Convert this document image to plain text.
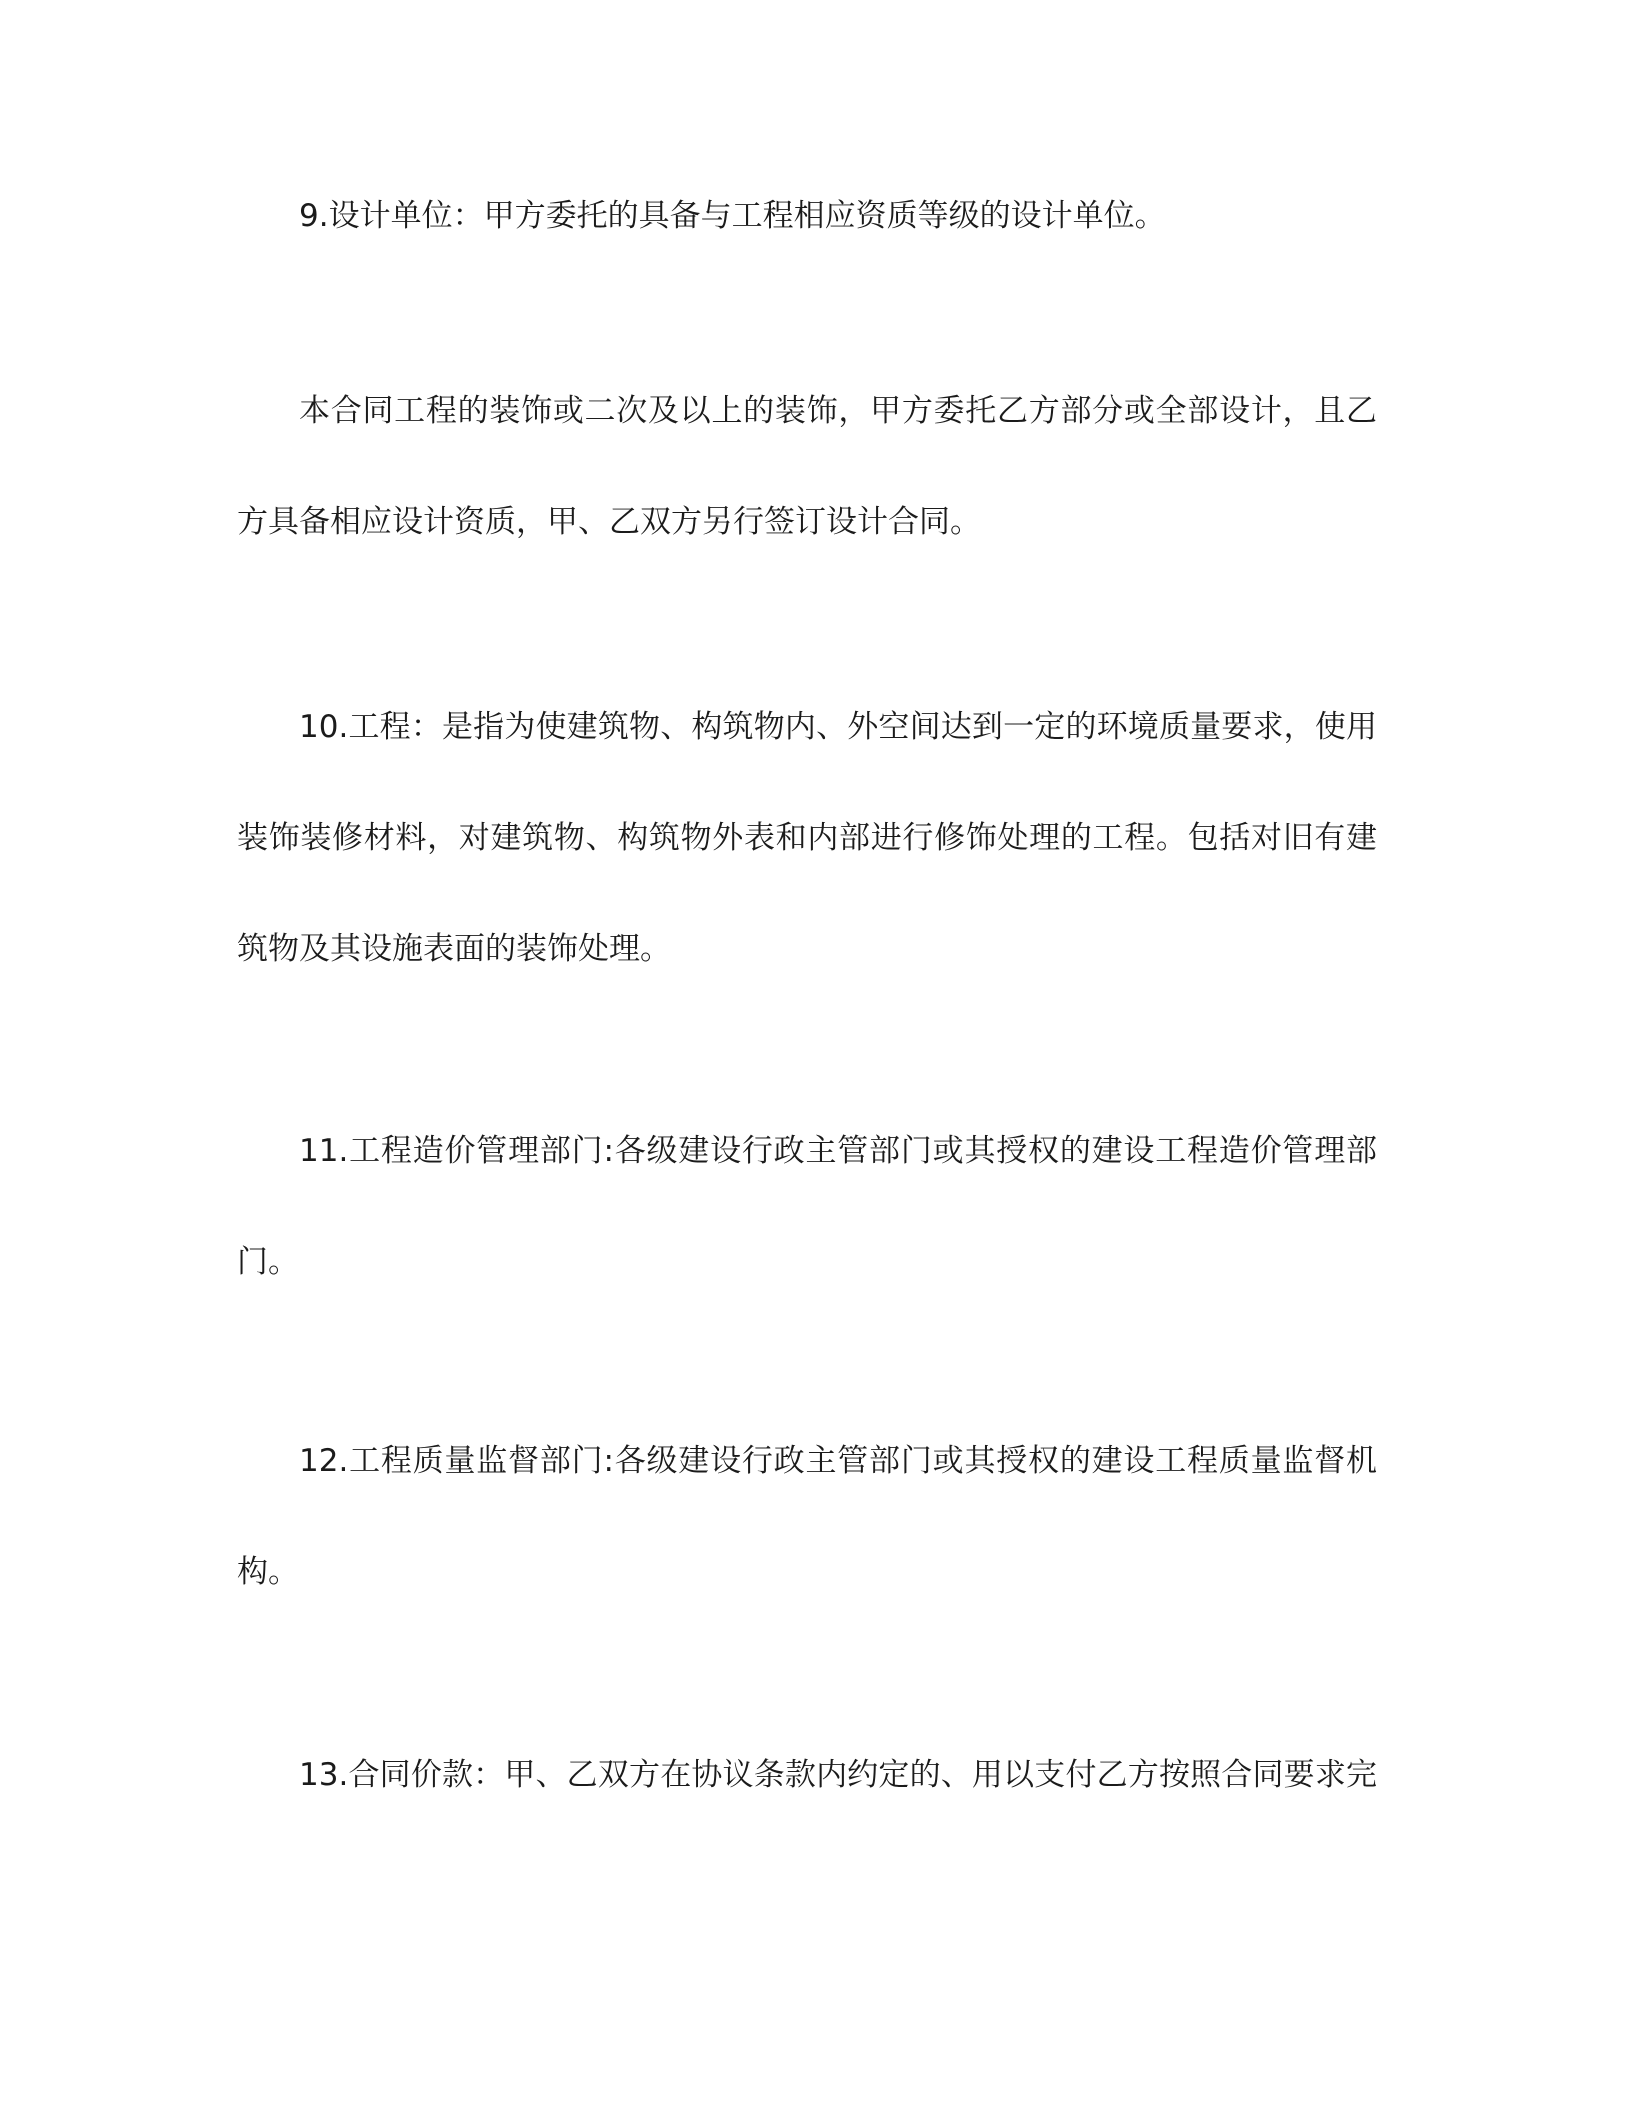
9.设计单位：甲方委托的具备与工程相应资质等级的设计单位。
本合同工程的装饰或二次及以上的装饰，甲方委托乙方部分或全部设计，且乙
方具备相应设计资质，甲、乙双方另行签订设计合同。
10.工程：是指为使建筑物、构筑物内、外空间达到一定的环境质量要求，使用
装饰装修材料，对建筑物、构筑物外表和内部进行修饰处理的工程。包括对旧有建
筑物及其设施表面的装饰处理。
11.工程造价管理部门:各级建设行政主管部门或其授权的建设工程造价管理部
门。
12.工程质量监督部门:各级建设行政主管部门或其授权的建设工程质量监督机
构。
13.合同价款：甲、乙双方在协议条款内约定的、用以支付乙方按照合同要求完
